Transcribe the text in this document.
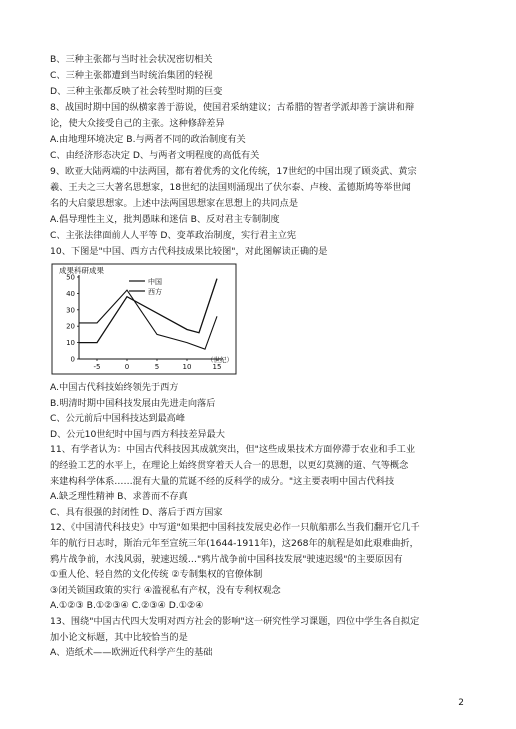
B、三种主张都与当时社会状况密切相关
C、三种主张都遭到当时统治集团的轻视
D、三种主张都反映了社会转型时期的巨变
8、战国时期中国的纵横家善于游说，使国君采纳建议；古希腊的智者学派却善于演讲和辩
论，使大众接受自己的主张。这种修辞差异
A.由地理环境决定 B.与两者不同的政治制度有关
C、由经济形态决定 D、与两者文明程度的高低有关
9、欧亚大陆两端的中法两国，都有着优秀的文化传统，17世纪的中国出现了顾炎武、黄宗
羲、王夫之三大著名思想家，18世纪的法国则涌现出了伏尔泰、卢梭、孟德斯鸠等举世闻
名的大启蒙思想家。上述中法两国思想家在思想上的共同点是
A.倡导理性主义，批判愚昧和迷信 B、反对君主专制制度
C、主张法律面前人人平等 D、变革政治制度，实行君主立宪
10、下图是"中国、西方古代科技成果比较图"，对此图解读正确的是
成果科研成果
0
10
20
30
40
50
-5	0	5	10	15
（世纪）
中国
西方
A.中国古代科技始终领先于西方
B.明清时期中国科技发展由先进走向落后
C、公元前后中国科技达到最高峰
D、公元10世纪时中国与西方科技差异最大
11、有学者认为：中国古代科技因其成就突出，但"这些成果技术方面停滞于农业和手工业
的经验工艺的水平上，在理论上始终贯穿着天人合一的思想，以更幻莫测的道、气等概念
来建构科学体系……混有大量的荒诞不经的反科学的成分。"这主要表明中国古代科技
A.缺乏理性精神 B、求善而不存真
C、具有很强的封闭性 D、落后于西方国家
12、《中国清代科技史》中写道"如果把中国科技发展史必作一只航船那么当我们翻开它几千
年的航行日志时，斯治元年至宣统三年(1644-1911年)，这268年的航程是如此艰难曲折，
鸦片战争前，水浅风弱，驶速迟缓…"鸦片战争前中国科技发展"驶速迟缓"的主要原因有
①重人伦、轻自然的文化传统 ②专制集权的官僚体制
③闭关锁国政策的实行 ④滥视私有产权，没有专利权观念
A.①②③ B.①②③④ C.②③④ D.①②④
13、围绕"中国古代四大发明对西方社会的影响"这一研究性学习课题，四位中学生各自拟定
加小论文标题，其中比较恰当的是
A、造纸术——欧洲近代科学产生的基础
2
